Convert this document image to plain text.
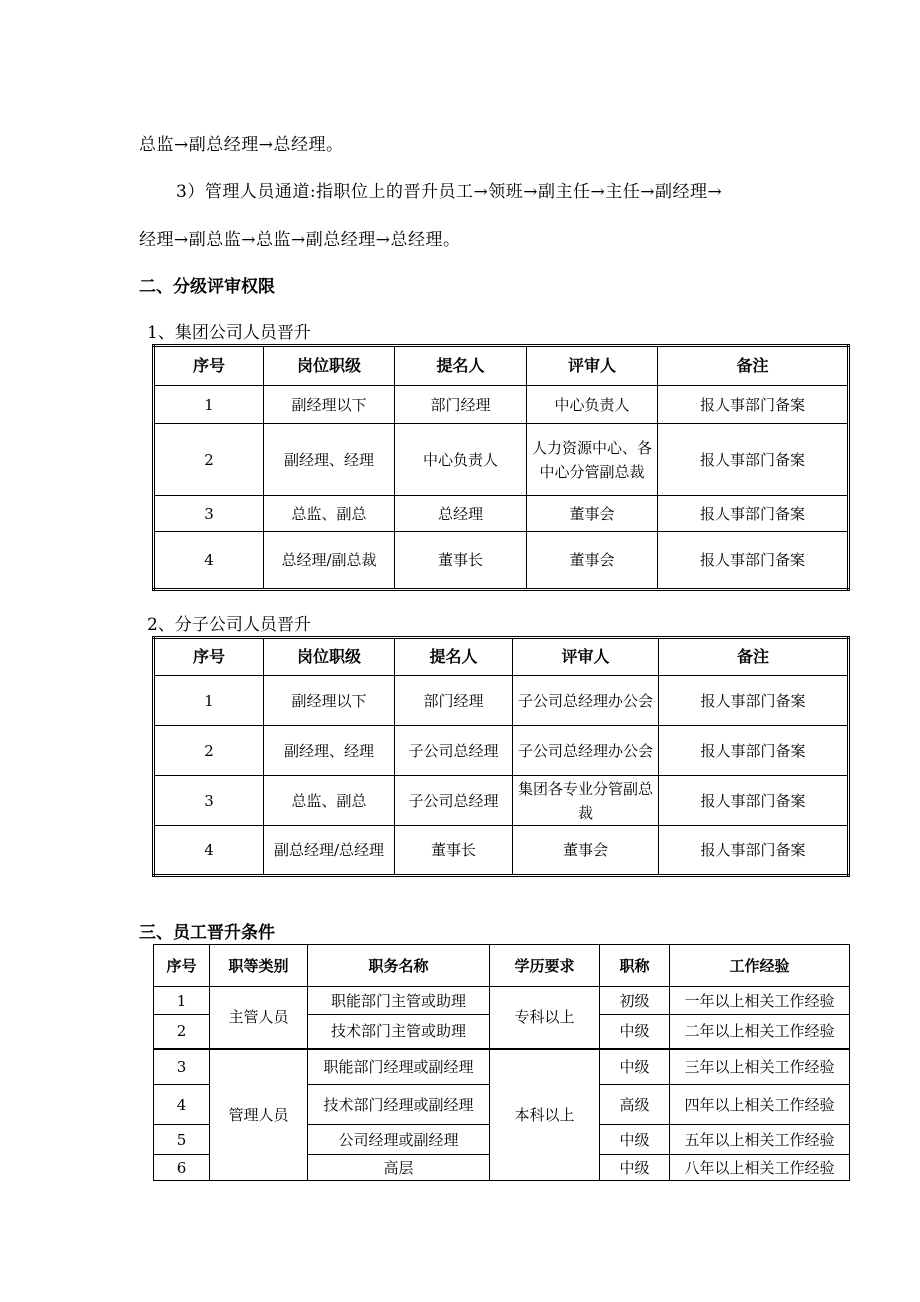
总监→副总经理→总经理。
3）管理人员通道:指职位上的晋升员工→领班→副主任→主任→副经理→
经理→副总监→总监→副总经理→总经理。
二、分级评审权限
1、集团公司人员晋升
序号	岗位职级	提名人	评审人	备注
1	副经理以下	部门经理	中心负责人	报人事部门备案
2	副经理、经理	中心负责人	人力资源中心、各中心分管副总裁	报人事部门备案
3	总监、副总	总经理	董事会	报人事部门备案
4	总经理/副总裁	董事长	董事会	报人事部门备案
2、分子公司人员晋升
序号	岗位职级	提名人	评审人	备注
1	副经理以下	部门经理	子公司总经理办公会	报人事部门备案
2	副经理、经理	子公司总经理	子公司总经理办公会	报人事部门备案
3	总监、副总	子公司总经理	集团各专业分管副总裁	报人事部门备案
4	副总经理/总经理	董事长	董事会	报人事部门备案
三、员工晋升条件
序号	职等类别	职务名称	学历要求	职称	工作经验
1	主管人员	职能部门主管或助理	专科以上	初级	一年以上相关工作经验
2		技术部门主管或助理		中级	二年以上相关工作经验
3	管理人员	职能部门经理或副经理	本科以上	中级	三年以上相关工作经验
4		技术部门经理或副经理		高级	四年以上相关工作经验
5		公司经理或副经理		中级	五年以上相关工作经验
6		高层		中级	八年以上相关工作经验
